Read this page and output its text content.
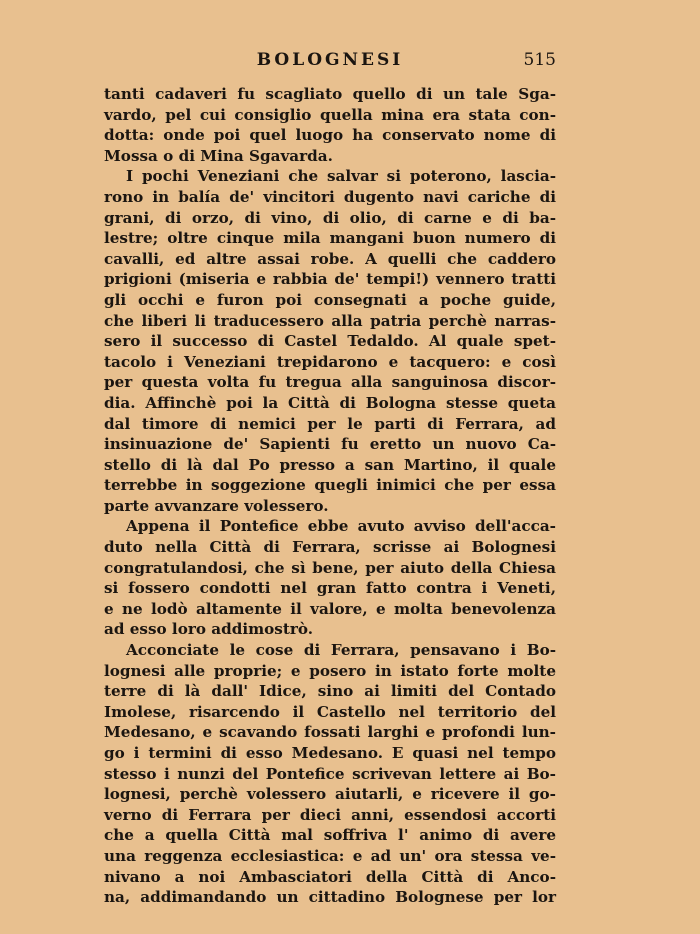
BOLOGNESI	515
tanti cadaveri fu scagliato quello di un tale Sga-
vardo, pel cui consiglio quella mina era stata con-
dotta: onde poi quel luogo ha conservato nome di
Mossa o di Mina Sgavarda.
I pochi Veneziani che salvar si poterono, lascia-
rono in balía de' vincitori dugento navi cariche di
grani, di orzo, di vino, di olio, di carne e di ba-
lestre; oltre cinque mila mangani buon numero di
cavalli, ed altre assai robe. A quelli che caddero
prigioni (miseria e rabbia de' tempi!) vennero tratti
gli occhi e furon poi consegnati a poche guide,
che liberi li traducessero alla patria perchè narras-
sero il successo di Castel Tedaldo. Al quale spet-
tacolo i Veneziani trepidarono e tacquero: e così
per questa volta fu tregua alla sanguinosa discor-
dia. Affinchè poi la Città di Bologna stesse queta
dal timore di nemici per le parti di Ferrara, ad
insinuazione de' Sapienti fu eretto un nuovo Ca-
stello di là dal Po presso a san Martino, il quale
terrebbe in soggezione quegli inimici che per essa
parte avvanzare volessero.
Appena il Pontefice ebbe avuto avviso dell'acca-
duto nella Città di Ferrara, scrisse ai Bolognesi
congratulandosi, che sì bene, per aiuto della Chiesa
si fossero condotti nel gran fatto contra i Veneti,
e ne lodò altamente il valore, e molta benevolenza
ad esso loro addimostrò.
Acconciate le cose di Ferrara, pensavano i Bo-
lognesi alle proprie; e posero in istato forte molte
terre di là dall' Idice, sino ai limiti del Contado
Imolese, risarcendo il Castello nel territorio del
Medesano, e scavando fossati larghi e profondi lun-
go i termini di esso Medesano. E quasi nel tempo
stesso i nunzi del Pontefice scrivevan lettere ai Bo-
lognesi, perchè volessero aiutarli, e ricevere il go-
verno di Ferrara per dieci anni, essendosi accorti
che a quella Città mal soffriva l' animo di avere
una reggenza ecclesiastica: e ad un' ora stessa ve-
nivano a noi Ambasciatori della Città di Anco-
na, addimandando un cittadino Bolognese per lor
